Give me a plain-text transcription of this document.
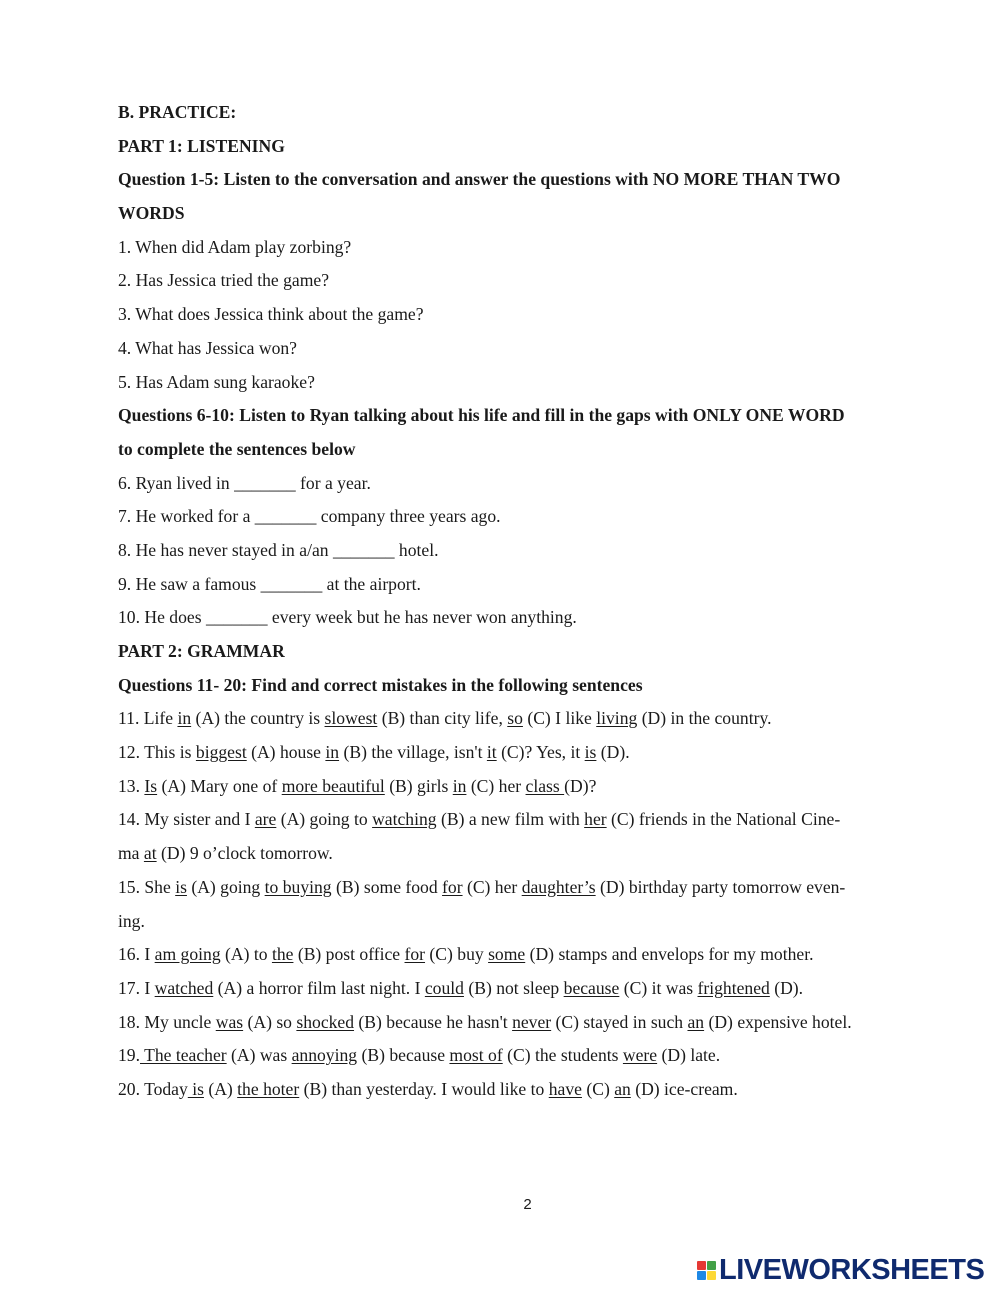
B. PRACTICE:
PART 1: LISTENING
Question 1-5: Listen to the conversation and answer the questions with NO MORE THAN TWO
WORDS
1. When did Adam play zorbing?
2. Has Jessica tried the game?
3. What does Jessica think about the game?
4. What has Jessica won?
5. Has Adam sung karaoke?
Questions 6-10: Listen to Ryan talking about his life and fill in the gaps with ONLY ONE WORD
to complete the sentences below
6. Ryan lived in _______ for a year.
7. He worked for a _______ company three years ago.
8. He has never stayed in a/an _______ hotel.
9. He saw a famous _______ at the airport.
10. He does _______ every week but he has never won anything.
PART 2: GRAMMAR
Questions 11- 20: Find and correct mistakes in the following sentences
11. Life in (A) the country is slowest (B) than city life, so (C) I like living (D) in the country.
12. This is biggest (A) house in (B) the village, isn't it (C)? Yes, it is (D).
13. Is (A) Mary one of more beautiful (B) girls in (C) her class (D)?
14. My sister and I are (A) going to watching (B) a new film with her (C) friends in the National Cine-
ma at (D) 9 o’clock tomorrow.
15. She is (A) going to buying (B) some food for (C) her daughter’s (D) birthday party tomorrow even-
ing.
16. I am going (A) to the (B) post office for (C) buy some (D) stamps and envelops for my mother.
17. I watched (A) a horror film last night. I could (B) not sleep because (C) it was frightened (D).
18. My uncle was (A) so shocked (B) because he hasn't never (C) stayed in such an (D) expensive hotel.
19. The teacher (A) was annoying (B) because most of (C) the students were (D) late.
20. Today is (A) the hoter (B) than yesterday. I would like to have (C) an (D) ice-cream.
2
LIVEWORKSHEETS
